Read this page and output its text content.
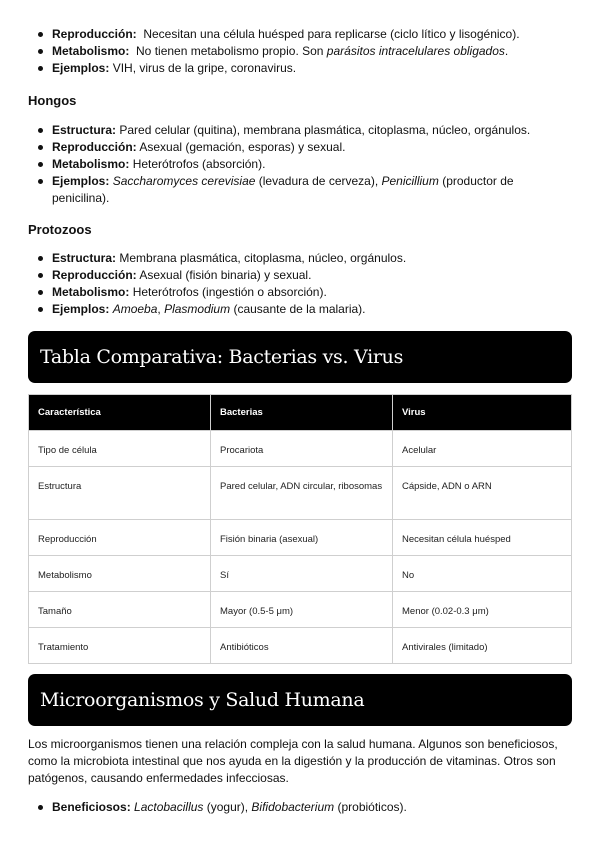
Reproducción: Necesitan una célula huésped para replicarse (ciclo lítico y lisogénico).
Metabolismo: No tienen metabolismo propio. Son parásitos intracelulares obligados.
Ejemplos: VIH, virus de la gripe, coronavirus.
Hongos
Estructura: Pared celular (quitina), membrana plasmática, citoplasma, núcleo, orgánulos.
Reproducción: Asexual (gemación, esporas) y sexual.
Metabolismo: Heterótrofos (absorción).
Ejemplos: Saccharomyces cerevisiae (levadura de cerveza), Penicillium (productor de penicilina).
Protozoos
Estructura: Membrana plasmática, citoplasma, núcleo, orgánulos.
Reproducción: Asexual (fisión binaria) y sexual.
Metabolismo: Heterótrofos (ingestión o absorción).
Ejemplos: Amoeba, Plasmodium (causante de la malaria).
Tabla Comparativa: Bacterias vs. Virus
Característica	Bacterias	Virus
Tipo de célula	Procariota	Acelular
Estructura	Pared celular, ADN circular, ribosomas	Cápside, ADN o ARN
Reproducción	Fisión binaria (asexual)	Necesitan célula huésped
Metabolismo	Sí	No
Tamaño	Mayor (0.5-5 μm)	Menor (0.02-0.3 μm)
Tratamiento	Antibióticos	Antivirales (limitado)
Microorganismos y Salud Humana

Los microorganismos tienen una relación compleja con la salud humana. Algunos son beneficiosos, como la microbiota intestinal que nos ayuda en la digestión y la producción de vitaminas. Otros son patógenos, causando enfermedades infecciosas.

Beneficiosos: Lactobacillus (yogur), Bifidobacterium (probióticos).
